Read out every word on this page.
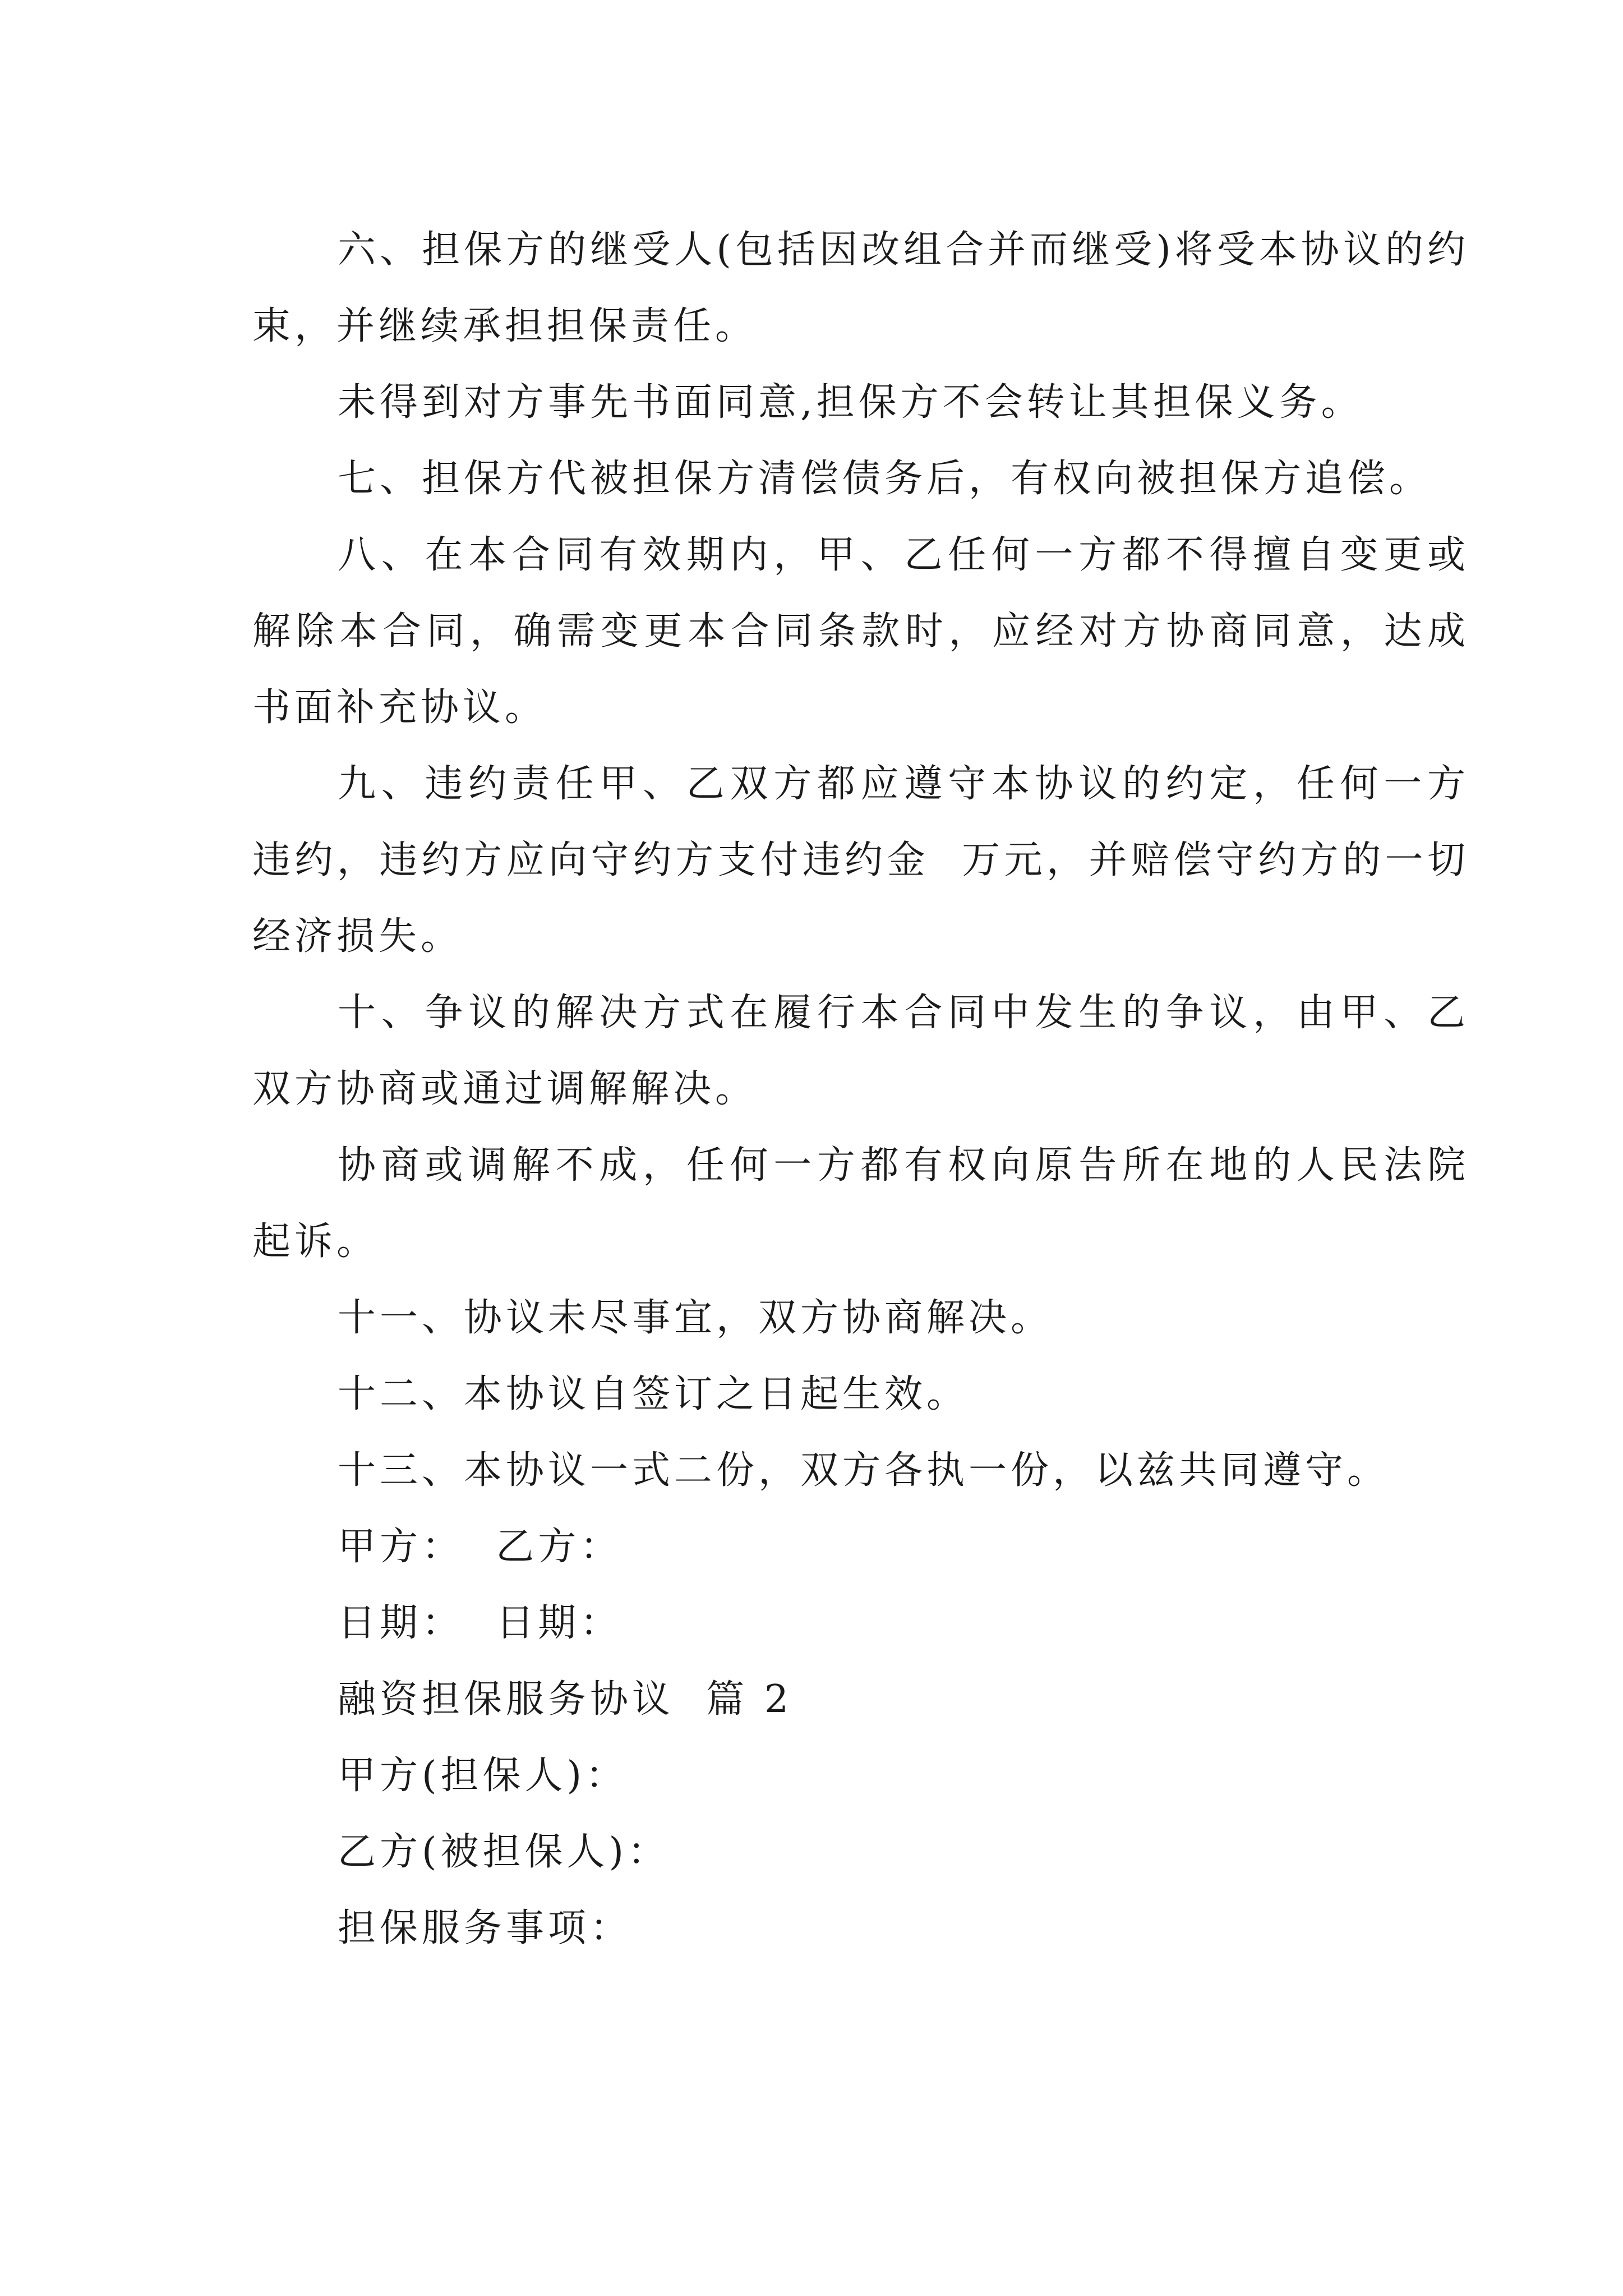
六、担保方的继受人(包括因改组合并而继受)将受本协议的约束，并继续承担担保责任。

未得到对方事先书面同意,担保方不会转让其担保义务。

七、担保方代被担保方清偿债务后，有权向被担保方追偿。

八、在本合同有效期内，甲、乙任何一方都不得擅自变更或解除本合同，确需变更本合同条款时，应经对方协商同意，达成书面补充协议。

九、违约责任甲、乙双方都应遵守本协议的约定，任何一方违约，违约方应向守约方支付违约金  万元，并赔偿守约方的一切经济损失。

十、争议的解决方式在履行本合同中发生的争议，由甲、乙双方协商或通过调解解决。

协商或调解不成，任何一方都有权向原告所在地的人民法院起诉。

十一、协议未尽事宜，双方协商解决。

十二、本协议自签订之日起生效。

十三、本协议一式二份，双方各执一份，以兹共同遵守。

甲方：  乙方：

日期：  日期：

融资担保服务协议  篇 2

甲方(担保人)：

乙方(被担保人)：

担保服务事项：
